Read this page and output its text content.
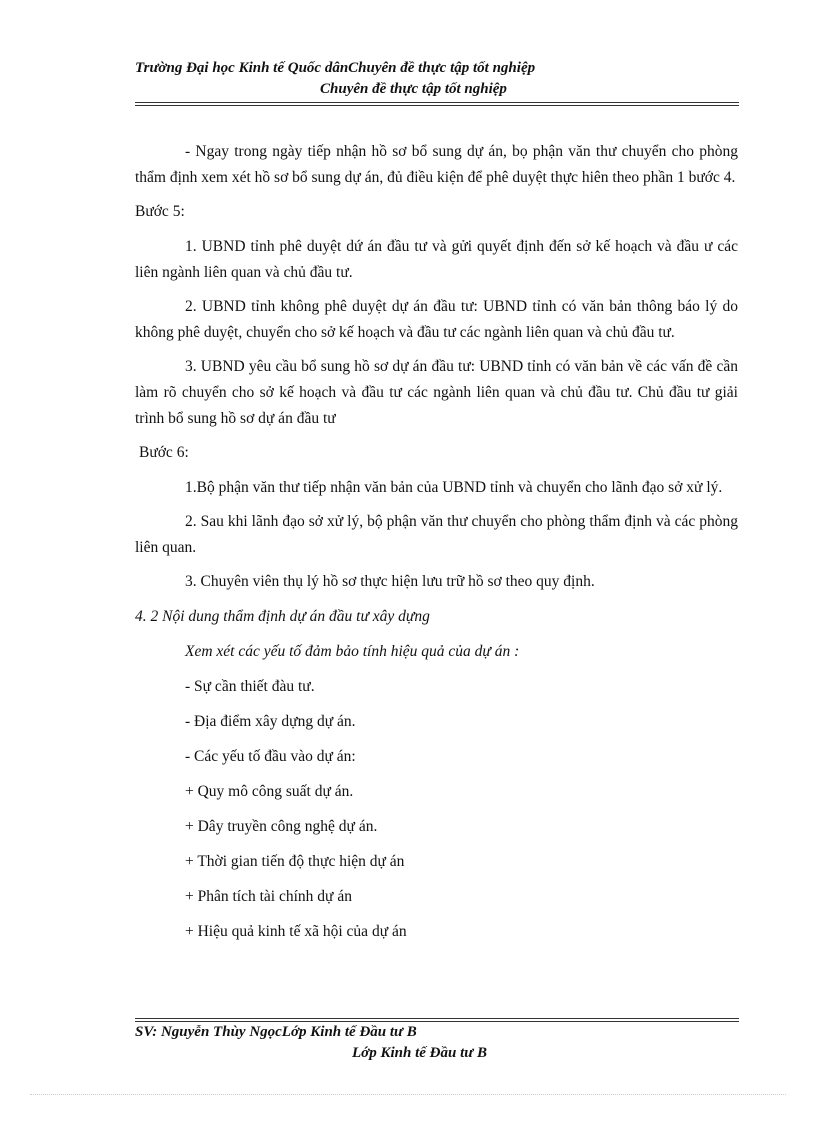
Trường Đại học Kinh tế Quốc dânChuyên đề thực tập tốt nghiệp
Chuyên đề thực tập tốt nghiệp

- Ngay trong ngày tiếp nhận hồ sơ bổ sung dự án, bọ phận văn thư chuyển cho phòng thẩm định xem xét hồ sơ bổ sung dự án, đủ điều kiện để phê duyệt thực hiên theo phần 1 bước 4.

Bước 5:

1. UBND tỉnh phê duyệt dứ án đầu tư và gửi quyết định đến sở kế hoạch và đầu ư các liên ngành liên quan và chủ đầu tư.

2. UBND tỉnh không phê duyệt dự án đầu tư: UBND tỉnh có văn bản thông báo lý do không phê duyệt, chuyển cho sở kế hoạch và đầu tư các ngành liên quan và chủ đầu tư.

3. UBND yêu cầu bổ sung hồ sơ dự án đầu tư: UBND tỉnh có văn bản về các vấn đề cần làm rõ chuyển cho sở kế hoạch và đầu tư các ngành liên quan và chủ đầu tư. Chủ đầu tư giải trình bổ sung hồ sơ dự án đầu tư

Bước 6:

1.Bộ phận văn thư tiếp nhận văn bản của UBND tỉnh và chuyển cho lãnh đạo sở xử lý.

2. Sau khi lãnh đạo sở xử lý, bộ phận văn thư chuyển cho phòng thẩm định và các phòng liên quan.

3. Chuyên viên thụ lý hồ sơ thực hiện lưu trữ hồ sơ theo quy định.

4. 2 Nội dung thẩm định dự án đầu tư xây dựng

Xem xét các yếu tố đảm bảo tính hiệu quả của dự án :

- Sự cần thiết đàu tư.

- Địa điểm xây dựng dự án.

- Các yếu tố đầu vào dự án:

+ Quy mô công suất dự án.

+ Dây truyền công nghệ dự án.

+ Thời gian tiến độ thực hiện dự án

+ Phân tích tài chính dự án

+ Hiệu quả kinh tế xã hội của dự án

SV: Nguyễn Thùy NgọcLớp Kinh tế Đầu tư B
Lớp Kinh tế Đầu tư B
